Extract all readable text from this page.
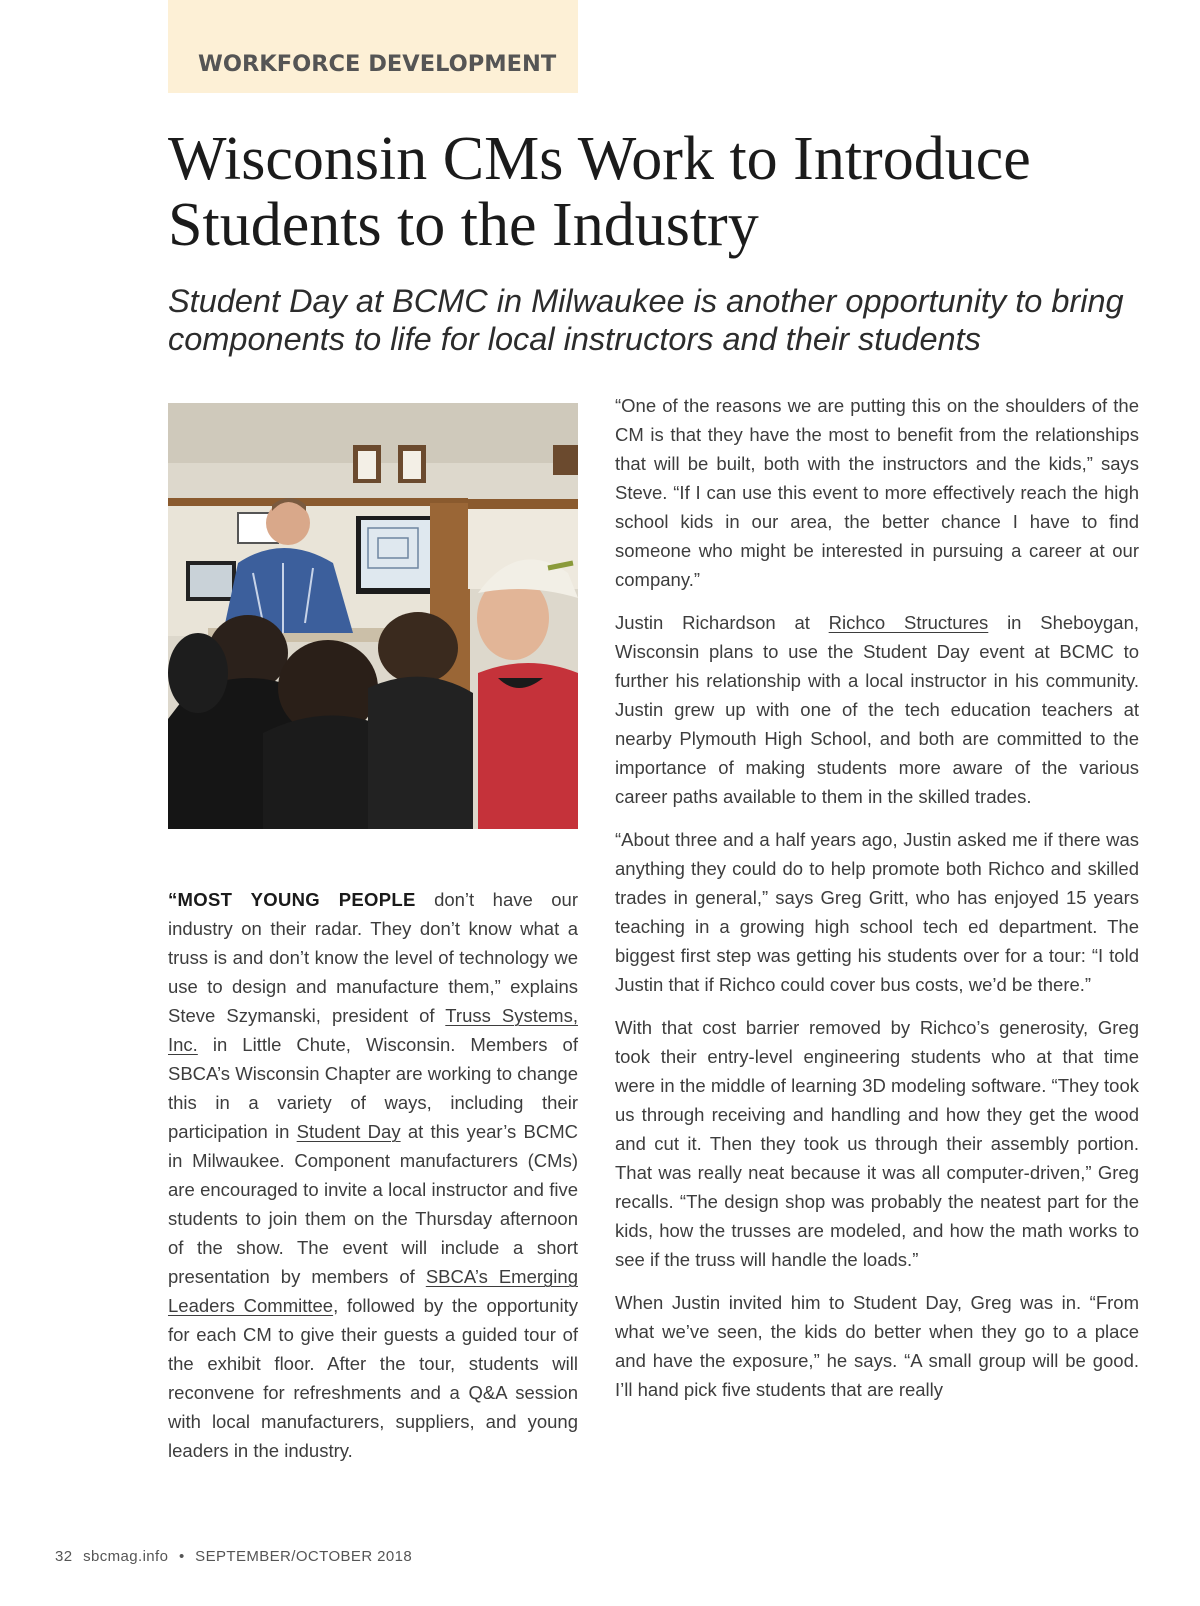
WORKFORCE DEVELOPMENT
Wisconsin CMs Work to Introduce Students to the Industry

Student Day at BCMC in Milwaukee is another opportunity to bring components to life for local instructors and their students

“MOST YOUNG PEOPLE don’t have our industry on their radar. They don’t know what a truss is and don’t know the level of technology we use to design and manufacture them,” explains Steve Szymanski, president of Truss Systems, Inc. in Little Chute, Wisconsin. Members of SBCA’s Wisconsin Chapter are working to change this in a variety of ways, including their participation in Student Day at this year’s BCMC in Milwaukee. Component manufacturers (CMs) are encouraged to invite a local instructor and five students to join them on the Thursday afternoon of the show. The event will include a short presentation by members of SBCA’s Emerging Leaders Committee, followed by the opportunity for each CM to give their guests a guided tour of the exhibit floor. After the tour, students will reconvene for refreshments and a Q&A session with local manufacturers, suppliers, and young leaders in the industry.

“One of the reasons we are putting this on the shoulders of the CM is that they have the most to benefit from the relationships that will be built, both with the instructors and the kids,” says Steve. “If I can use this event to more effectively reach the high school kids in our area, the better chance I have to find someone who might be interested in pursuing a career at our company.”

Justin Richardson at Richco Structures in Sheboygan, Wisconsin plans to use the Student Day event at BCMC to further his relationship with a local instructor in his community. Justin grew up with one of the tech education teachers at nearby Plymouth High School, and both are committed to the importance of making students more aware of the various career paths available to them in the skilled trades.

“About three and a half years ago, Justin asked me if there was anything they could do to help promote both Richco and skilled trades in general,” says Greg Gritt, who has enjoyed 15 years teaching in a growing high school tech ed department. The biggest first step was getting his students over for a tour: “I told Justin that if Richco could cover bus costs, we’d be there.”

With that cost barrier removed by Richco’s generosity, Greg took their entry-level engineering students who at that time were in the middle of learning 3D modeling software. “They took us through receiving and handling and how they get the wood and cut it. Then they took us through their assembly portion. That was really neat because it was all computer-driven,” Greg recalls. “The design shop was probably the neatest part for the kids, how the trusses are modeled, and how the math works to see if the truss will handle the loads.”

When Justin invited him to Student Day, Greg was in. “From what we’ve seen, the kids do better when they go to a place and have the exposure,” he says. “A small group will be good. I’ll hand pick five students that are really

32 sbcmag.info • SEPTEMBER/OCTOBER 2018
